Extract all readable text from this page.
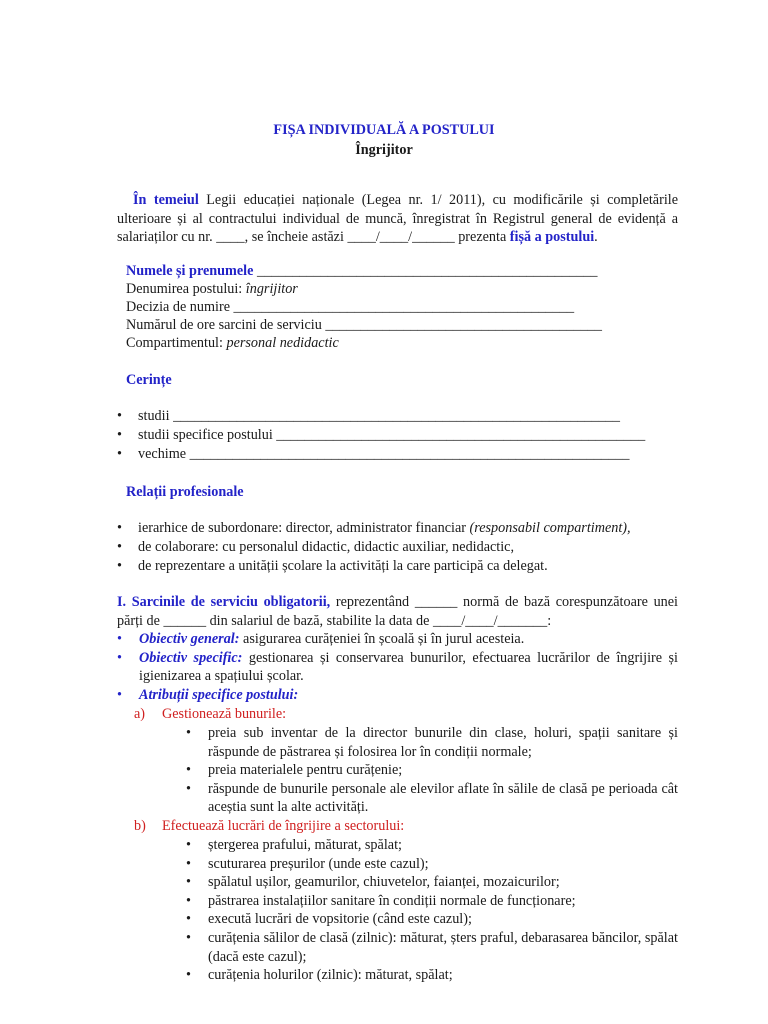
FIȘA INDIVIDUALĂ A POSTULUI
Îngrijitor

În temeiul Legii educației naționale (Legea nr. 1/ 2011), cu modificările și completările ulterioare și al contractului individual de muncă, înregistrat în Registrul general de evidență a salariaților cu nr. ____, se încheie astăzi ____/____/______ prezenta fișă a postului.

Numele și prenumele ________________________________________________
Denumirea postului: îngrijitor
Decizia de numire ________________________________________________
Numărul de ore sarcini de serviciu _______________________________________
Compartimentul: personal nedidactic
Cerințe
• studii _______________________________________________________________
• studii specifice postului ____________________________________________________
• vechime ______________________________________________________________
Relații profesionale
• ierarhice de subordonare: director, administrator financiar (responsabil compartiment),
• de colaborare: cu personalul didactic, didactic auxiliar, nedidactic,
• de reprezentare a unității școlare la activități la care participă ca delegat.

I. Sarcinile de serviciu obligatorii, reprezentând ______ normă de bază corespunzătoare unei părți de ______ din salariul de bază, stabilite la data de ____/____/_______:

• Obiectiv general: asigurarea curățeniei în școală și în jurul acesteia.
• Obiectiv specific: gestionarea și conservarea bunurilor, efectuarea lucrărilor de îngrijire și igienizarea a spațiului școlar.
• Atribuții specifice postului:
a) Gestionează bunurile:
• preia sub inventar de la director bunurile din clase, holuri, spații sanitare și răspunde de păstrarea și folosirea lor în condiții normale;
• preia materialele pentru curățenie;
• răspunde de bunurile personale ale elevilor aflate în sălile de clasă pe perioada cât aceștia sunt la alte activități.
b) Efectuează lucrări de îngrijire a sectorului:
• ștergerea prafului, măturat, spălat;
• scuturarea preșurilor (unde este cazul);
• spălatul ușilor, geamurilor, chiuvetelor, faianței, mozaicurilor;
• păstrarea instalațiilor sanitare în condiții normale de funcționare;
• execută lucrări de vopsitorie (când este cazul);
• curățenia sălilor de clasă (zilnic): măturat, șters praful, debarasarea băncilor, spălat (dacă este cazul);
• curățenia holurilor (zilnic): măturat, spălat;
